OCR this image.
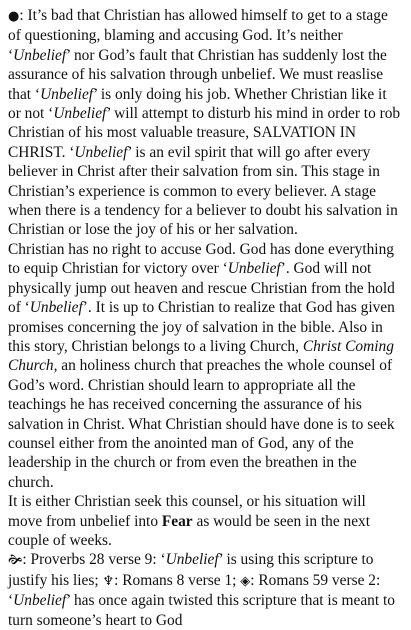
●: It’s bad that Christian has allowed himself to get to a stage of questioning, blaming and accusing God. It’s neither ‘Unbelief’ nor God’s fault that Christian has suddenly lost the assurance of his salvation through unbelief. We must reaslise that ‘Unbelief’ is only doing his job. Whether Christian like it or not ‘Unbelief’ will attempt to disturb his mind in order to rob Christian of his most valuable treasure, SALVATION IN CHRIST. ‘Unbelief’ is an evil spirit that will go after every believer in Christ after their salvation from sin. This stage in Christian’s experience is common to every believer. A stage when there is a tendency for a believer to doubt his salvation in Christian or lose the joy of his or her salvation.

Christian has no right to accuse God. God has done everything to equip Christian for victory over ‘Unbelief’. God will not physically jump out heaven and rescue Christian from the hold of ‘Unbelief’. It is up to Christian to realize that God has given promises concerning the joy of salvation in the bible. Also in this story, Christian belongs to a living Church, Christ Coming Church, an holiness church that preaches the whole counsel of God’s word. Christian should learn to appropriate all the teachings he has received concerning the assurance of his salvation in Christ. What Christian should have done is to seek counsel either from the anointed man of God, any of the leadership in the church or from even the breathen in the church.

It is either Christian seek this counsel, or his situation will move from unbelief into Fear as would be seen in the next couple of weeks.

🙞: Proverbs 28 verse 9: ‘Unbelief’ is using this scripture to justify his lies; ♆: Romans 8 verse 1; ◈: Romans 59 verse 2: ‘Unbelief’ has once again twisted this scripture that is meant to turn someone’s heart to God
